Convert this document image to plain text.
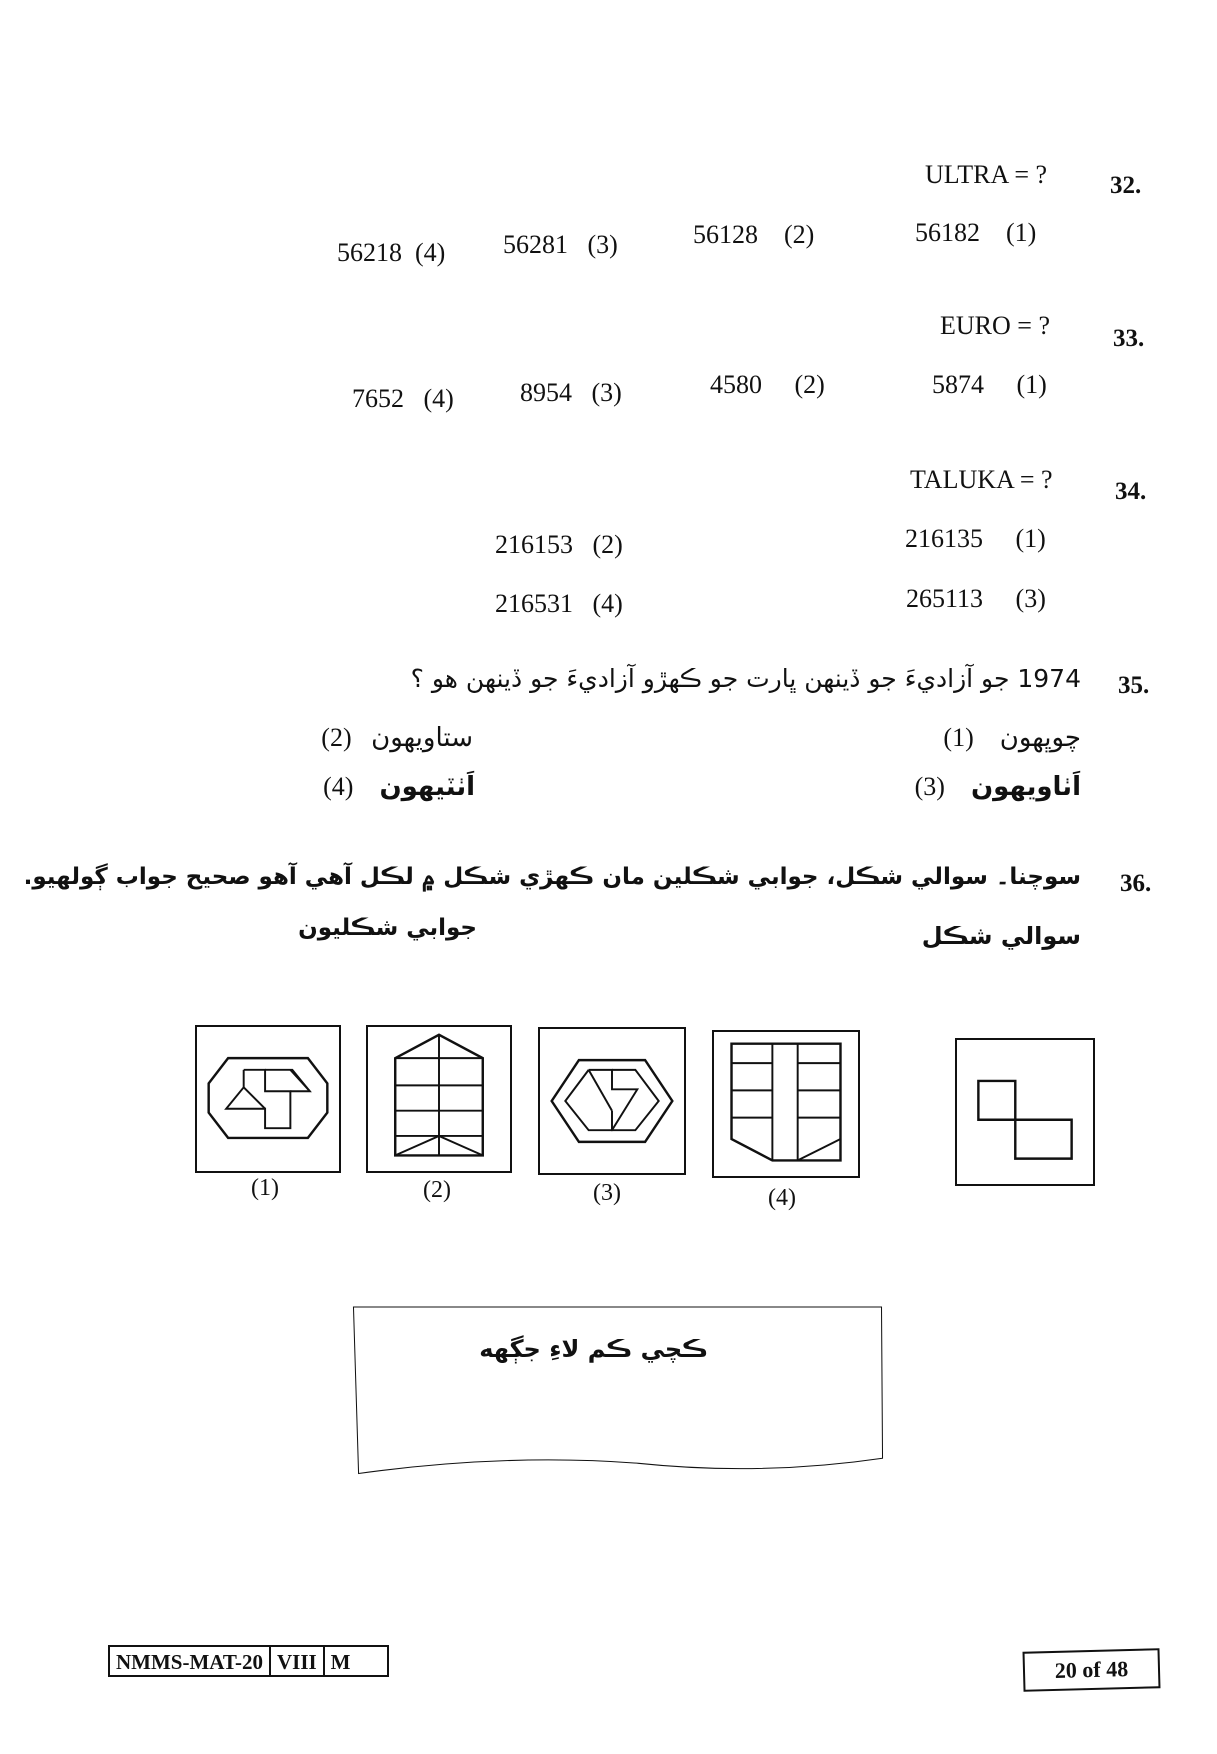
32.
ULTRA = ?
56182 (1)
56128 (2)
56281 (3)
56218 (4)
33.
EURO = ?
5874 (1)
4580 (2)
8954 (3)
7652 (4)
34.
TALUKA = ?
216135 (1)
216153 (2)
265113 (3)
216531 (4)
35.
1974 جو آزاديءَ جو ڏينهن ڀارت جو ڪهڙو آزاديءَ جو ڏينهن هو ؟
چوڀهون    (1)
ستاويهون   (2)
اَٺاويهون    (3)
اَٺٽيهون    (4)
36.
سوچنا۔ سوالي شڪل، جوابي شڪلين مان ڪهڙي شڪل ۾ لڪل آهي آهو صحيح جواب ڳولهيو.
سوالي شڪل
جوابي شڪليون
(4)
(3)
(2)
(1)
ڪچي ڪم لاءِ جڳهه
NMMS-MAT-20 VIII M	20 of 48
